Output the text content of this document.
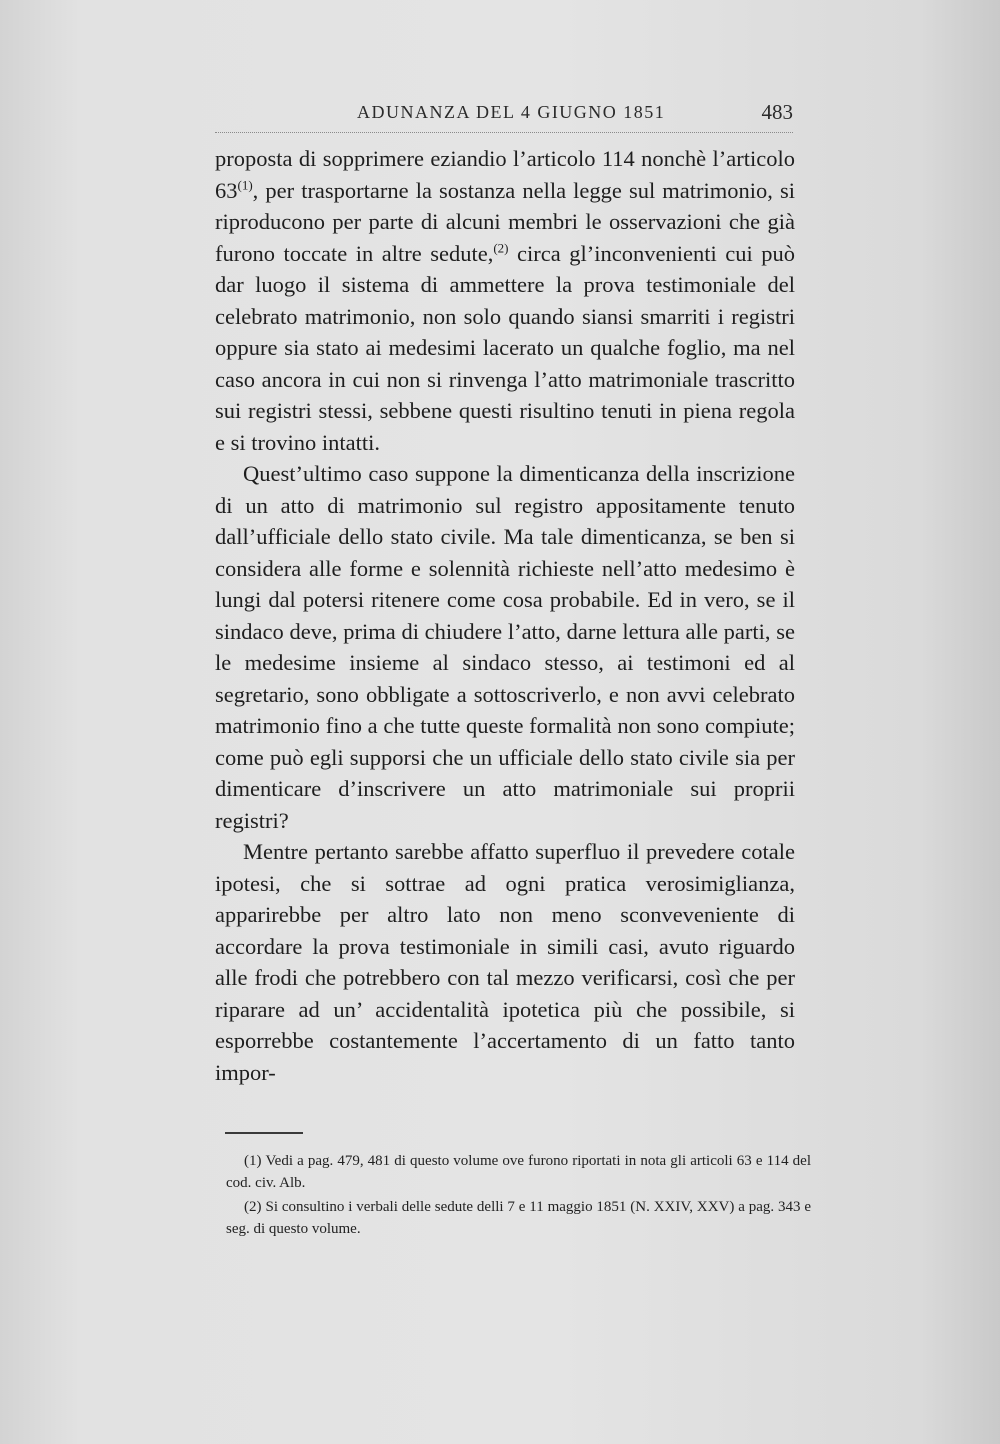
ADUNANZA DEL 4 GIUGNO 1851	483

proposta di sopprimere eziandio l’articolo 114 nonchè l’articolo 63$^{(1)}$, per trasportarne la sostanza nella legge sul matrimonio, si riproducono per parte di alcuni membri le osservazioni che già furono toccate in altre sedute,$^{(2)}$ circa gl’inconvenienti cui può dar luogo il sistema di ammettere la prova testimoniale del celebrato matrimonio, non solo quando siansi smarriti i registri oppure sia stato ai medesimi lacerato un qualche foglio, ma nel caso ancora in cui non si rinvenga l’atto matrimoniale trascritto sui registri stessi, sebbene questi risultino tenuti in piena regola e si trovino intatti.

Quest’ultimo caso suppone la dimenticanza della inscrizione di un atto di matrimonio sul registro appositamente tenuto dall’ufficiale dello stato civile. Ma tale dimenticanza, se ben si considera alle forme e solennità richieste nell’atto medesimo è lungi dal potersi ritenere come cosa probabile. Ed in vero, se il sindaco deve, prima di chiudere l’atto, darne lettura alle parti, se le medesime insieme al sindaco stesso, ai testimoni ed al segretario, sono obbligate a sottoscriverlo, e non avvi celebrato matrimonio fino a che tutte queste formalità non sono compiute; come può egli supporsi che un ufficiale dello stato civile sia per dimenticare d’inscrivere un atto matrimoniale sui proprii registri?

Mentre pertanto sarebbe affatto superfluo il prevedere cotale ipotesi, che si sottrae ad ogni pratica verosimiglianza, apparirebbe per altro lato non meno sconveveniente di accordare la prova testimoniale in simili casi, avuto riguardo alle frodi che potrebbero con tal mezzo verificarsi, così che per riparare ad un’ accidentalità ipotetica più che possibile, si esporrebbe costantemente l’accertamento di un fatto tanto impor-

(1) Vedi a pag. 479, 481 di questo volume ove furono riportati in nota gli articoli 63 e 114 del cod. civ. Alb.

(2) Si consultino i verbali delle sedute delli 7 e 11 maggio 1851 (N. XXIV, XXV) a pag. 343 e seg. di questo volume.
